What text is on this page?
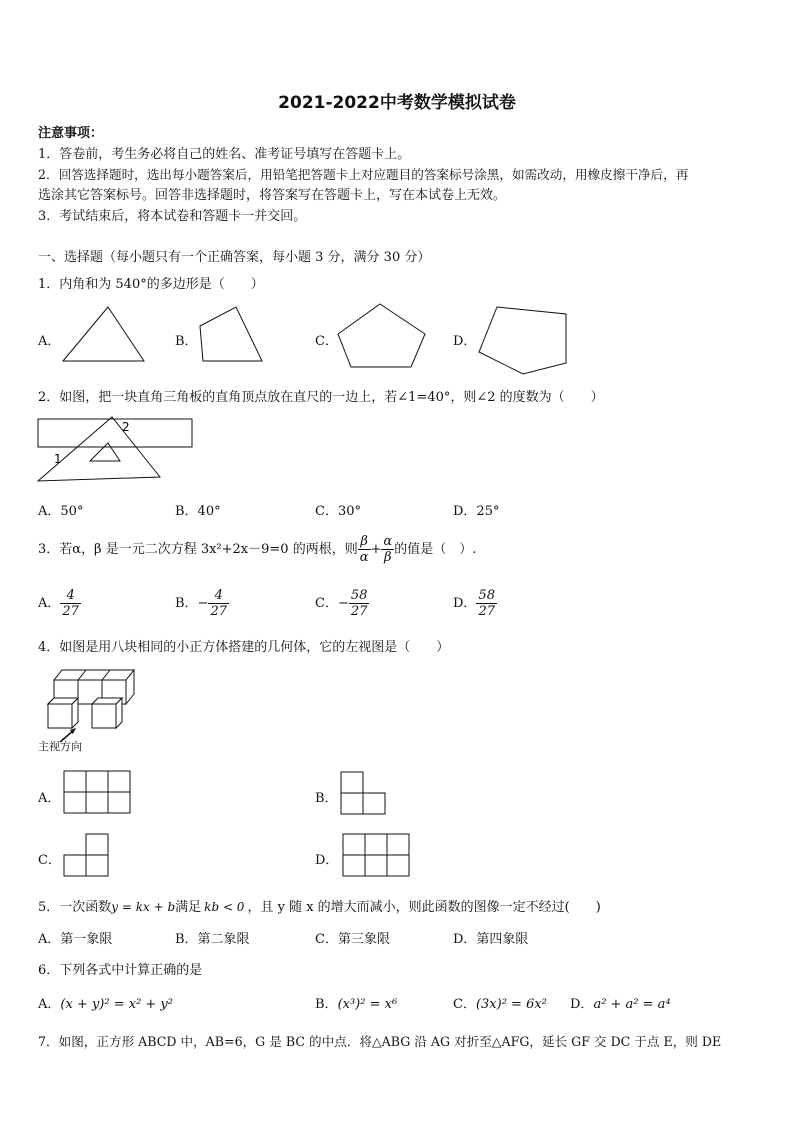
2021-2022中考数学模拟试卷
注意事项：
1．答卷前，考生务必将自己的姓名、准考证号填写在答题卡上。
2．回答选择题时，选出每小题答案后，用铅笔把答题卡上对应题目的答案标号涂黑，如需改动，用橡皮擦干净后，再
选涂其它答案标号。回答非选择题时，将答案写在答题卡上，写在本试卷上无效。
3．考试结束后，将本试卷和答题卡一并交回。
一、选择题（每小题只有一个正确答案，每小题 3 分，满分 30 分）
1．内角和为 540°的多边形是（　　）
A．	B．	C．	D．
2．如图，把一块直角三角板的直角顶点放在直尺的一边上，若∠1=40°，则∠2 的度数为（　　）
1
2
A．50°	B．40°	C．30°	D．25°
3．若α，β 是一元二次方程 3x²+2x－9=0 的两根，则 $\frac{\beta}{\alpha} + \frac{\alpha}{\beta}$ 的值是（　）.
A． $\frac{4}{27}$	B．− $\frac{4}{27}$	C．− $\frac{58}{27}$	D． $\frac{58}{27}$
4．如图是用八块相同的小正方体搭建的几何体，它的左视图是（　　）
主视方向
A．	B．
C．	D．
5．一次函数y = kx + b满足 kb < 0 ，且 y 随 x 的增大而减小，则此函数的图像一定不经过(　　)
A．第一象限	B．第二象限	C．第三象限	D．第四象限
6．下列各式中计算正确的是
A．(x + y)² = x² + y²	B．(x³)² = x⁶	C．(3x)² = 6x² D．a² + a² = a⁴
7．如图，正方形 ABCD 中，AB=6，G 是 BC 的中点．将△ABG 沿 AG 对折至△AFG，延长 GF 交 DC 于点 E，则 DE
